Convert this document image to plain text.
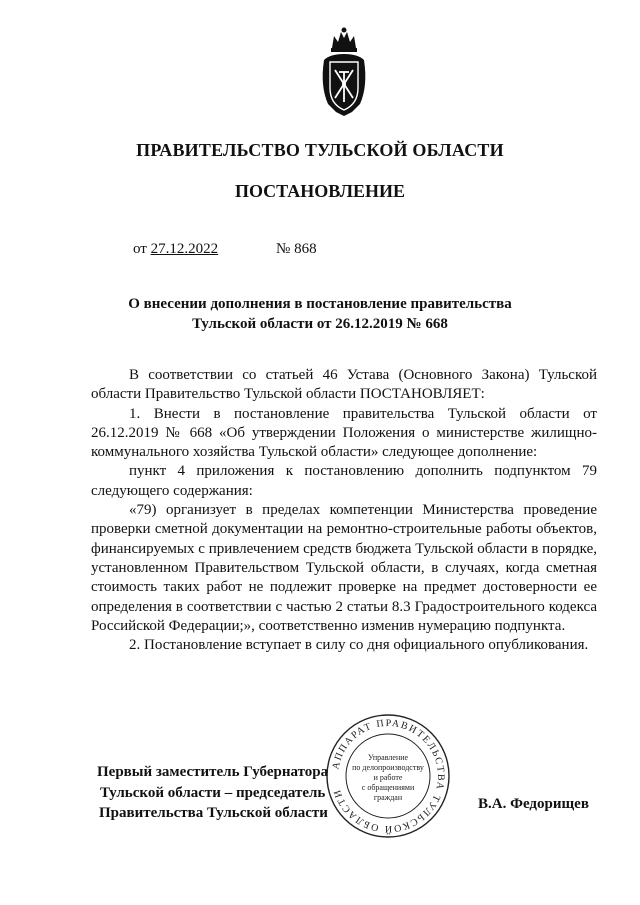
ПРАВИТЕЛЬСТВО ТУЛЬСКОЙ ОБЛАСТИ
ПОСТАНОВЛЕНИЕ
от 27.12.2022	№ 868
О внесении дополнения в постановление правительства
Тульской области от 26.12.2019 № 668

В соответствии со статьей 46 Устава (Основного Закона) Тульской области Правительство Тульской области ПОСТАНОВЛЯЕТ:

1. Внести в постановление правительства Тульской области от 26.12.2019 № 668 «Об утверждении Положения о министерстве жилищно-коммунального хозяйства Тульской области» следующее дополнение:

пункт 4 приложения к постановлению дополнить подпунктом 79 следующего содержания:

«79) организует в пределах компетенции Министерства проведение проверки сметной документации на ремонтно-строительные работы объектов, финансируемых с привлечением средств бюджета Тульской области в порядке, установленном Правительством Тульской области, в случаях, когда сметная стоимость таких работ не подлежит проверке на предмет достоверности ее определения в соответствии с частью 2 статьи 8.3 Градостроительного кодекса Российской Федерации;», соответственно изменив нумерацию подпункта.

2. Постановление вступает в силу со дня официального опубликования.

Первый заместитель Губернатора
Тульской области – председатель
Правительства Тульской области
В.А. Федорищев
АППАРАТ ПРАВИТЕЛЬСТВА ТУЛЬСКОЙ ОБЛАСТИ
Управление
по делопроизводству
и работе
с обращениями
граждан
